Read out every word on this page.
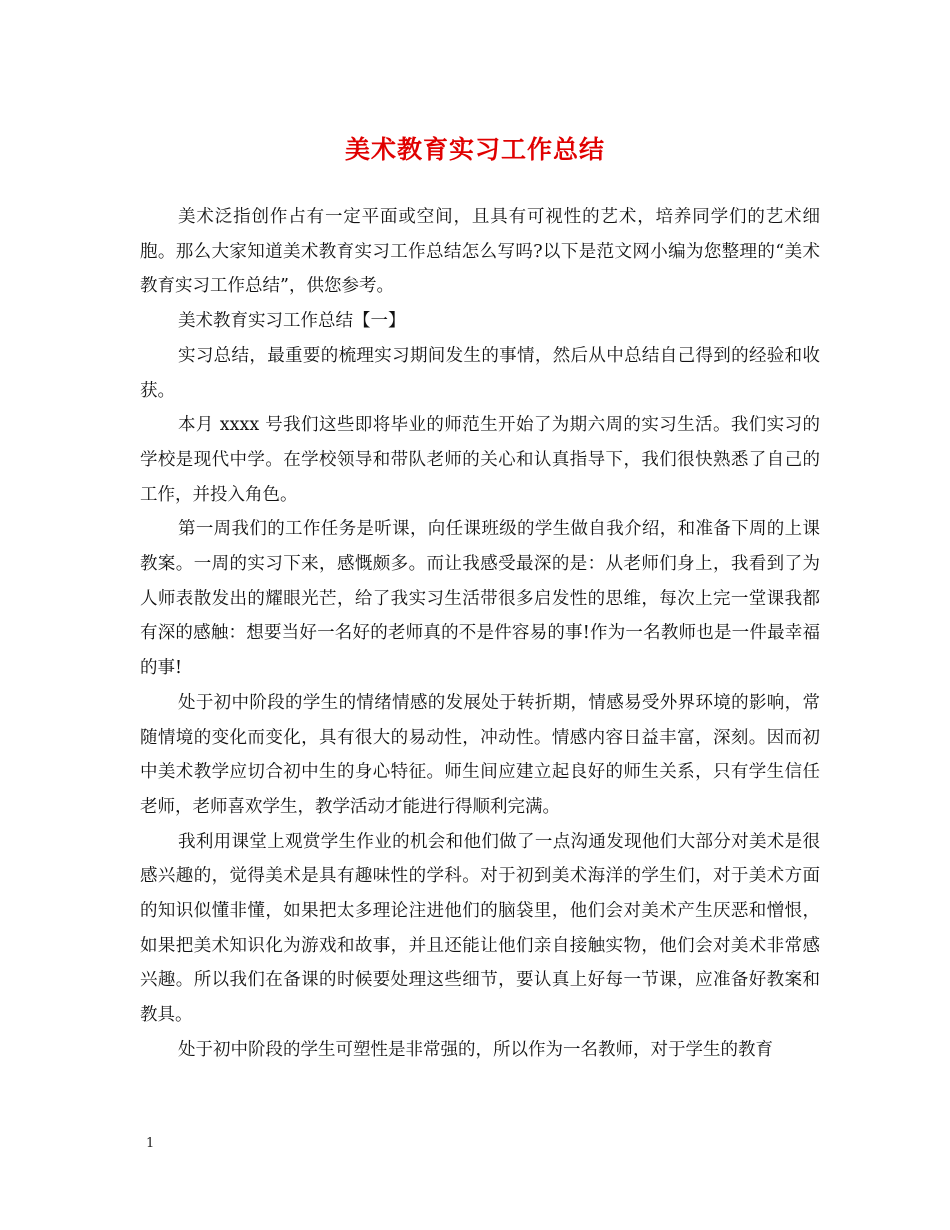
美术教育实习工作总结

美术泛指创作占有一定平面或空间，且具有可视性的艺术，培养同学们的艺术细胞。那么大家知道美术教育实习工作总结怎么写吗?以下是范文网小编为您整理的“美术教育实习工作总结”，供您参考。

美术教育实习工作总结【一】

实习总结，最重要的梳理实习期间发生的事情，然后从中总结自己得到的经验和收获。

本月 xxxx 号我们这些即将毕业的师范生开始了为期六周的实习生活。我们实习的学校是现代中学。在学校领导和带队老师的关心和认真指导下，我们很快熟悉了自己的工作，并投入角色。

第一周我们的工作任务是听课，向任课班级的学生做自我介绍，和准备下周的上课教案。一周的实习下来，感慨颇多。而让我感受最深的是：从老师们身上，我看到了为人师表散发出的耀眼光芒，给了我实习生活带很多启发性的思维，每次上完一堂课我都有深的感触：想要当好一名好的老师真的不是件容易的事!作为一名教师也是一件最幸福的事!

处于初中阶段的学生的情绪情感的发展处于转折期，情感易受外界环境的影响，常随情境的变化而变化，具有很大的易动性，冲动性。情感内容日益丰富，深刻。因而初中美术教学应切合初中生的身心特征。师生间应建立起良好的师生关系，只有学生信任老师，老师喜欢学生，教学活动才能进行得顺利完满。

我利用课堂上观赏学生作业的机会和他们做了一点沟通发现他们大部分对美术是很感兴趣的，觉得美术是具有趣味性的学科。对于初到美术海洋的学生们，对于美术方面的知识似懂非懂，如果把太多理论注进他们的脑袋里，他们会对美术产生厌恶和憎恨，如果把美术知识化为游戏和故事，并且还能让他们亲自接触实物，他们会对美术非常感兴趣。所以我们在备课的时候要处理这些细节，要认真上好每一节课，应准备好教案和教具。

处于初中阶段的学生可塑性是非常强的，所以作为一名教师，对于学生的教育

1
